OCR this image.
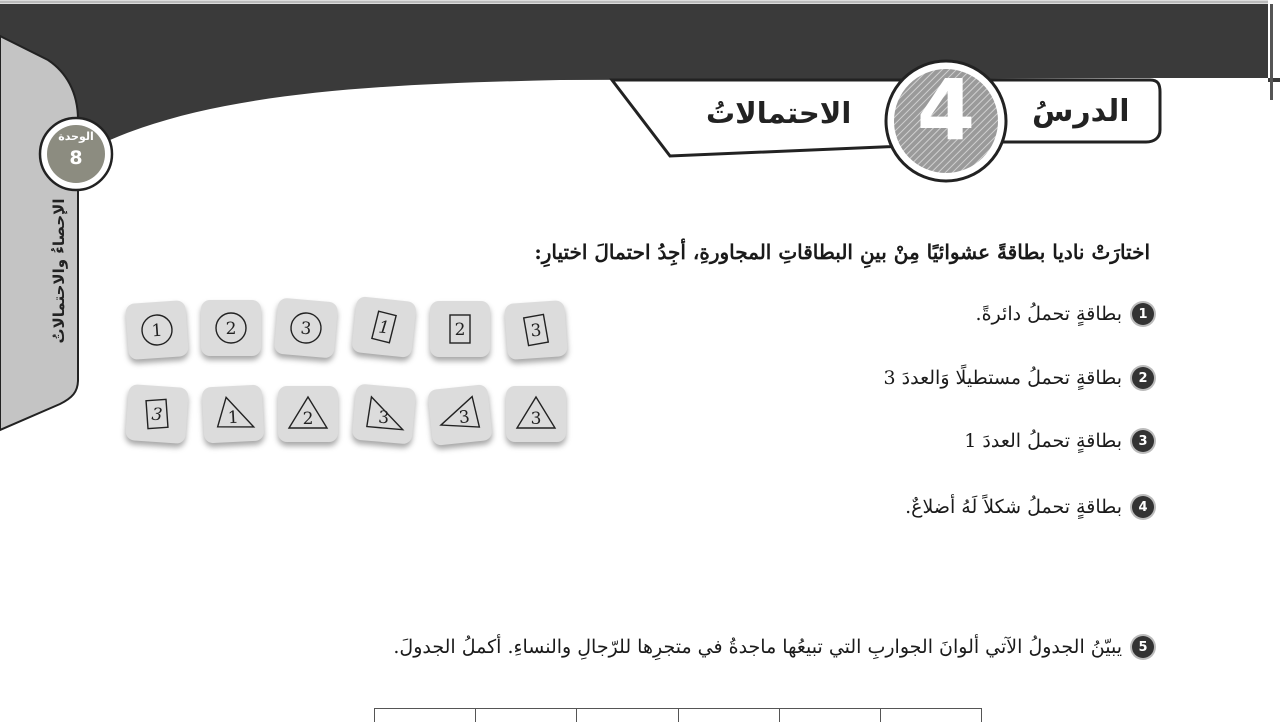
الدرسُ
4
الاحتمالاتُ
الوحدة
8
الإحصاءُ والاحتمالاتُ	اختارَتْ ناديا بطاقةً عشوائيًا مِنْ بينِ البطاقاتِ المجاورةِ، أجِدُ احتمالَ اختيارِ:
1
بطاقةٍ تحملُ دائرةً.
2
بطاقةٍ تحملُ مستطيلًا وَالعددَ 3
3
بطاقةٍ تحملُ العددَ 1
4
بطاقةٍ تحملُ شكلاً لَهُ أضلاعٌ.
5
يبيّنُ الجدولُ الآتي ألوانَ الجواربِ التي تبيعُها ماجدةُ في متجرِها للرّجالِ والنساءِ. أكملُ الجدولَ.
1	2	3	1	2	3
3	1	2	3	3	3
